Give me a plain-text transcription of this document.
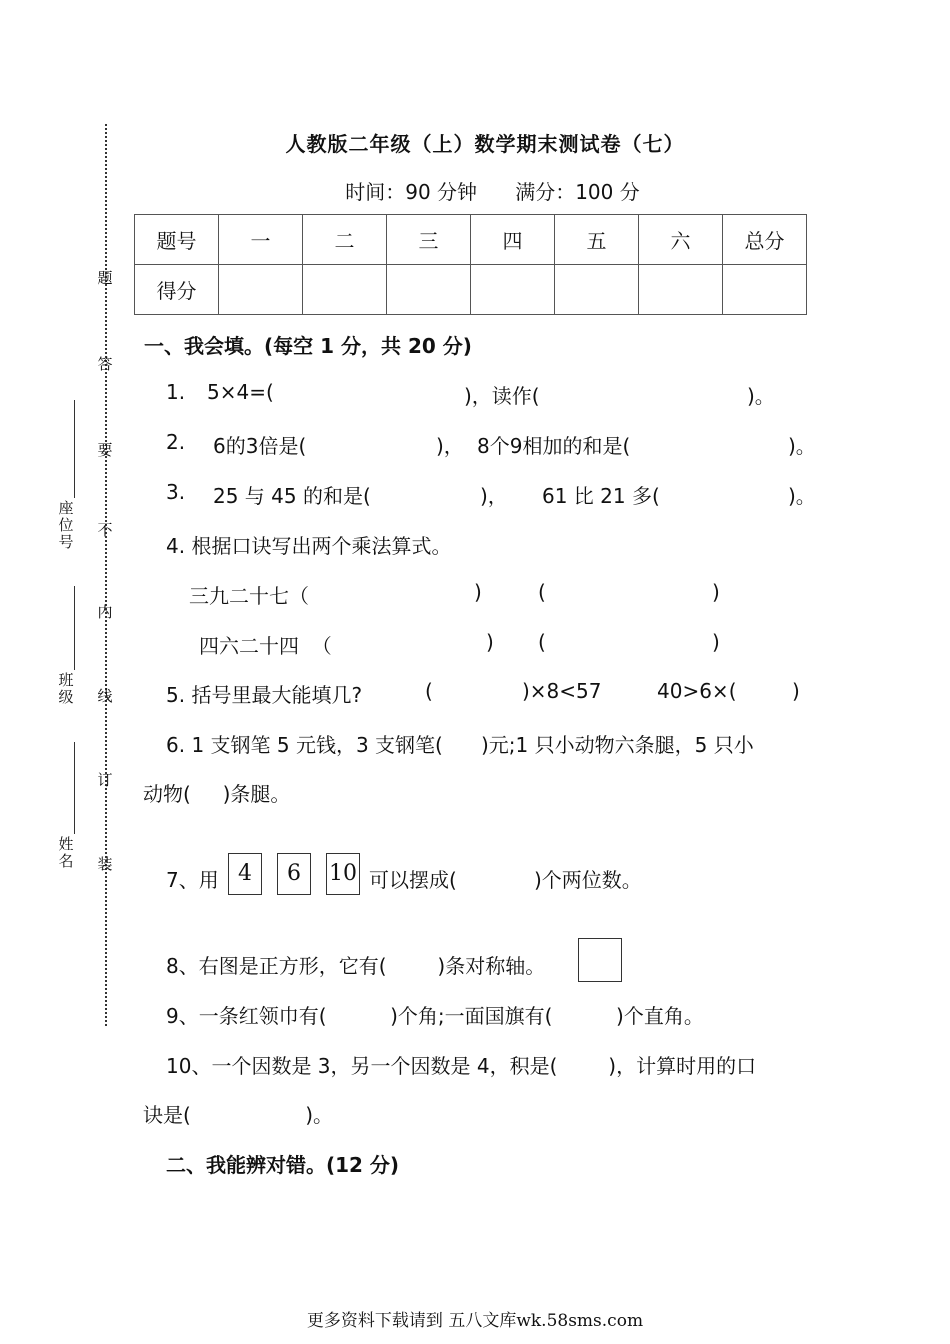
题
答
要
不
内
线
订
装
座位号
班级
姓名
人教版二年级（上）数学期末测试卷（七）
时间：90 分钟      满分：100 分
题号	一	二	三	四	五	六	总分
得分							
一、我会填。(每空 1 分，共 20 分)
1. 5×4=(	)，读作(	)。
2. 6的3倍是(	)， 8个9相加的和是(	)。
3. 25 与 45 的和是(	)， 61 比 21 多(	)。
4. 根据口诀写出两个乘法算式。
三九二十七（	)	(	)
四六二十四  （	) (	)
5. 括号里最大能填几?	(	)×8<57	40>6×(	)
6. 1 支钢笔 5 元钱，3 支钢笔(      )元;1 只小动物六条腿，5 只小
动物(     )条腿。
7、用 4	6	10 可以摆成(	)个两位数。
8、右图是正方形，它有(        )条对称轴。
9、一条红领巾有(          )个角;一面国旗有(          )个直角。
10、一个因数是 3，另一个因数是 4，积是(        )，计算时用的口
诀是(                  )。
二、我能辨对错。(12 分)
更多资料下载请到 五八文库wk.58sms.com
